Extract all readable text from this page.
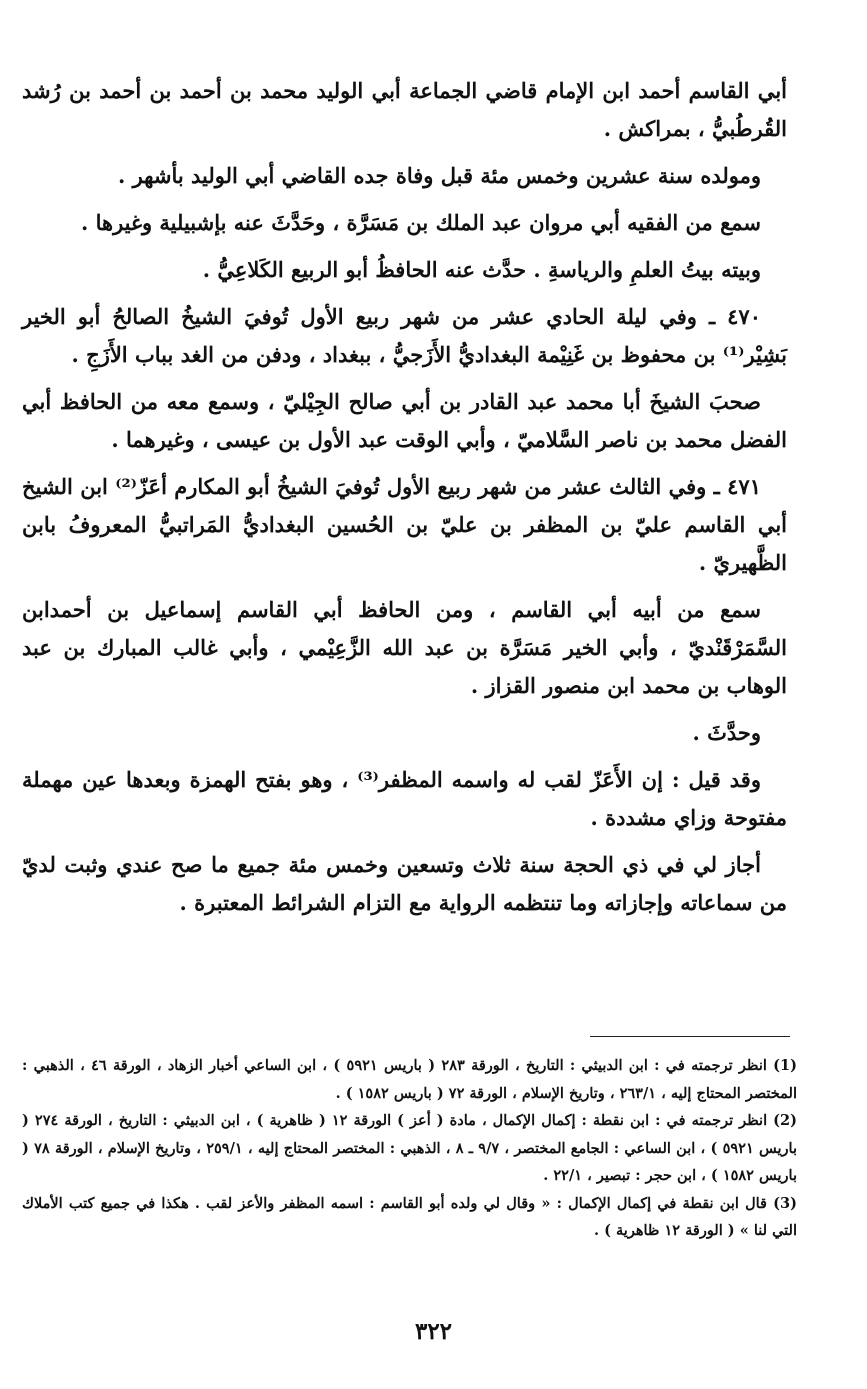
أبي القاسم أحمد ابن الإمام قاضي الجماعة أبي الوليد محمد بن أحمد بن أحمد بن رُشد القُرطُبيُّ ، بمراكش .

ومولده سنة عشرين وخمس مئة قبل وفاة جده القاضي أبي الوليد بأشهر .

سمع من الفقيه أبي مروان عبد الملك بن مَسَرَّة ، وحَدَّثَ عنه بإشبيلية وغيرها .

وبيته بيتُ العلمِ والرياسةِ . حدَّث عنه الحافظُ أبو الربيع الكَلاعِيُّ .

٤٧٠ ـ وفي ليلة الحادي عشر من شهر ربيع الأول تُوفيَ الشيخُ الصالحُ أبو الخير بَشِيْر⁽¹⁾ بن محفوظ بن غَنِيْمة البغداديُّ الأَزَجيُّ ، ببغداد ، ودفن من الغد بباب الأَزَجِ .

صحبَ الشيخَ أبا محمد عبد القادر بن أبي صالح الجِيْليّ ، وسمع معه من الحافظ أبي الفضل محمد بن ناصر السَّلاميّ ، وأبي الوقت عبد الأول بن عيسى ، وغيرهما .

٤٧١ ـ وفي الثالث عشر من شهر ربيع الأول تُوفيَ الشيخُ أبو المكارم أعَزّ⁽²⁾ ابن الشيخ أبي القاسم عليّ بن المظفر بن عليّ بن الحُسين البغداديُّ المَراتبيُّ المعروفُ بابن الظَّهيريّ .

سمع من أبيه أبي القاسم ، ومن الحافظ أبي القاسم إسماعيل بن أحمدابن السَّمَرْقَنْديّ ، وأبي الخير مَسَرَّة بن عبد الله الزَّعِيْمي ، وأبي غالب المبارك بن عبد الوهاب بن محمد ابن منصور القزاز .

وحدَّثَ .

وقد قيل : إن الأَعَزّ لقب له واسمه المظفر⁽³⁾ ، وهو بفتح الهمزة وبعدها عين مهملة مفتوحة وزاي مشددة .

أجاز لي في ذي الحجة سنة ثلاث وتسعين وخمس مئة جميع ما صح عندي وثبت لديّ من سماعاته وإجازاته وما تنتظمه الرواية مع التزام الشرائط المعتبرة .

(1) انظر ترجمته في : ابن الدبيثي : التاريخ ، الورقة ٢٨٣ ( باريس ٥٩٢١ ) ، ابن الساعي أخبار الزهاد ، الورقة ٤٦ ، الذهبي : المختصر المحتاج إليه ، ٢٦٣/١ ، وتاريخ الإسلام ، الورقة ٧٢ ( باريس ١٥٨٢ ) .

(2) انظر ترجمته في : ابن نقطة : إكمال الإكمال ، مادة ( أعز ) الورقة ١٢ ( ظاهرية ) ، ابن الدبيثي : التاريخ ، الورقة ٢٧٤ ( باريس ٥٩٢١ ) ، ابن الساعي : الجامع المختصر ، ٩/٧ ـ ٨ ، الذهبي : المختصر المحتاج إليه ، ٢٥٩/١ ، وتاريخ الإسلام ، الورقة ٧٨ ( باريس ١٥٨٢ ) ، ابن حجر : تبصير ، ٢٢/١ .

(3) قال ابن نقطة في إكمال الإكمال : « وقال لي ولده أبو القاسم : اسمه المظفر والأعز لقب . هكذا في جميع كتب الأملاك التي لنا » ( الورقة ١٢ ظاهرية ) .

٣٢٢
